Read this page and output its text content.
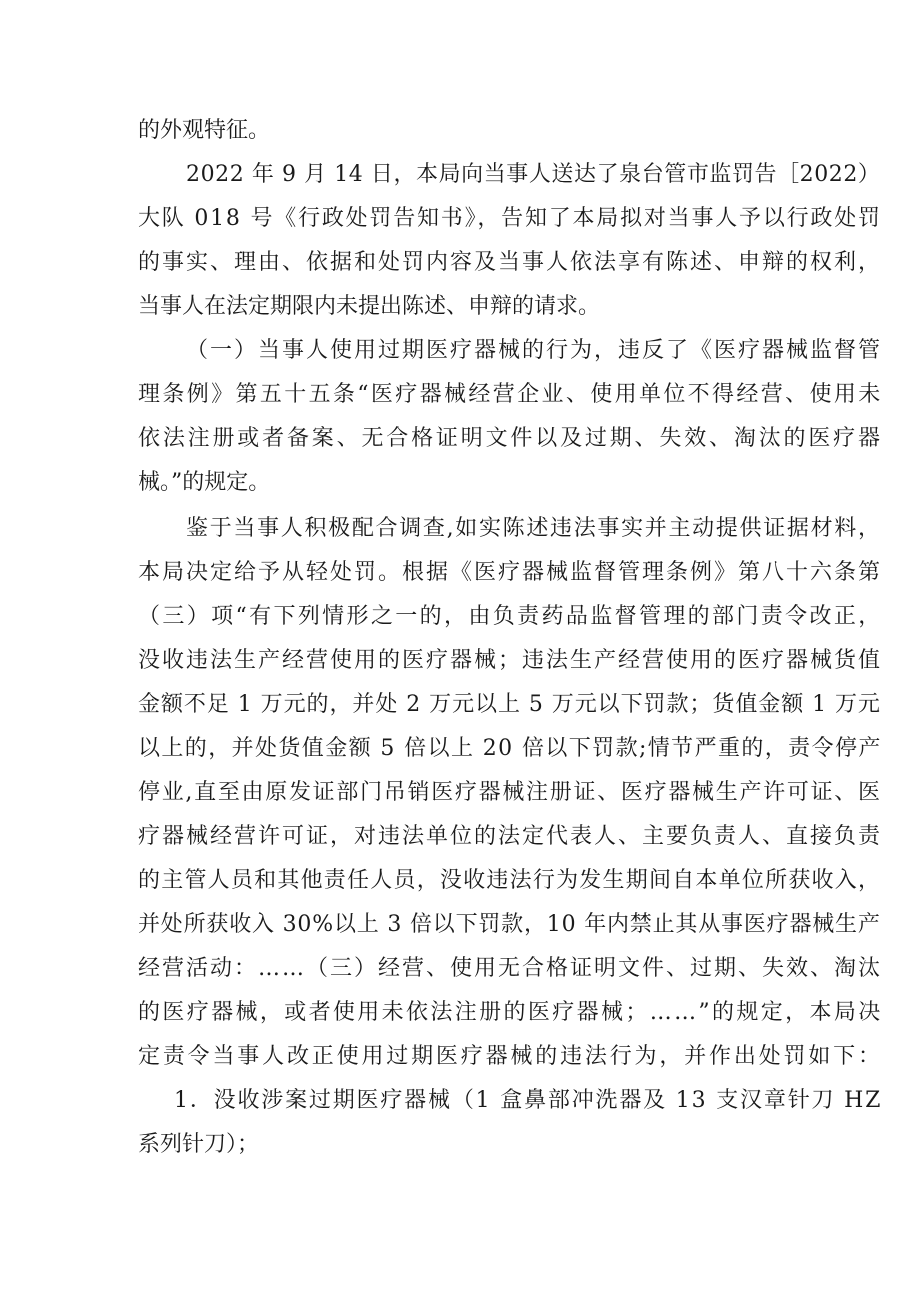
的外观特征。
2022 年 9 月 14 日，本局向当事人送达了泉台管市监罚告［2022）
大队 018 号《行政处罚告知书》，告知了本局拟对当事人予以行政处罚
的事实、理由、依据和处罚内容及当事人依法享有陈述、申辩的权利，
当事人在法定期限内未提出陈述、申辩的请求。
（一）当事人使用过期医疗器械的行为，违反了《医疗器械监督管
理条例》第五十五条“医疗器械经营企业、使用单位不得经营、使用未
依法注册或者备案、无合格证明文件以及过期、失效、淘汰的医疗器
械。”的规定。
鉴于当事人积极配合调查,如实陈述违法事实并主动提供证据材料，
本局决定给予从轻处罚。根据《医疗器械监督管理条例》第八十六条第
（三）项“有下列情形之一的，由负责药品监督管理的部门责令改正，
没收违法生产经营使用的医疗器械；违法生产经营使用的医疗器械货值
金额不足 1 万元的，并处 2 万元以上 5 万元以下罚款；货值金额 1 万元
以上的，并处货值金额 5 倍以上 20 倍以下罚款;情节严重的，责令停产
停业,直至由原发证部门吊销医疗器械注册证、医疗器械生产许可证、医
疗器械经营许可证，对违法单位的法定代表人、主要负责人、直接负责
的主管人员和其他责任人员，没收违法行为发生期间自本单位所获收入，
并处所获收入 30%以上 3 倍以下罚款，10 年内禁止其从事医疗器械生产
经营活动：……（三）经营、使用无合格证明文件、过期、失效、淘汰
的医疗器械，或者使用未依法注册的医疗器械；……”的规定，本局决
定责令当事人改正使用过期医疗器械的违法行为，并作出处罚如下：
1．没收涉案过期医疗器械（1 盒鼻部冲洗器及 13 支汉章针刀 HZ
系列针刀）；
